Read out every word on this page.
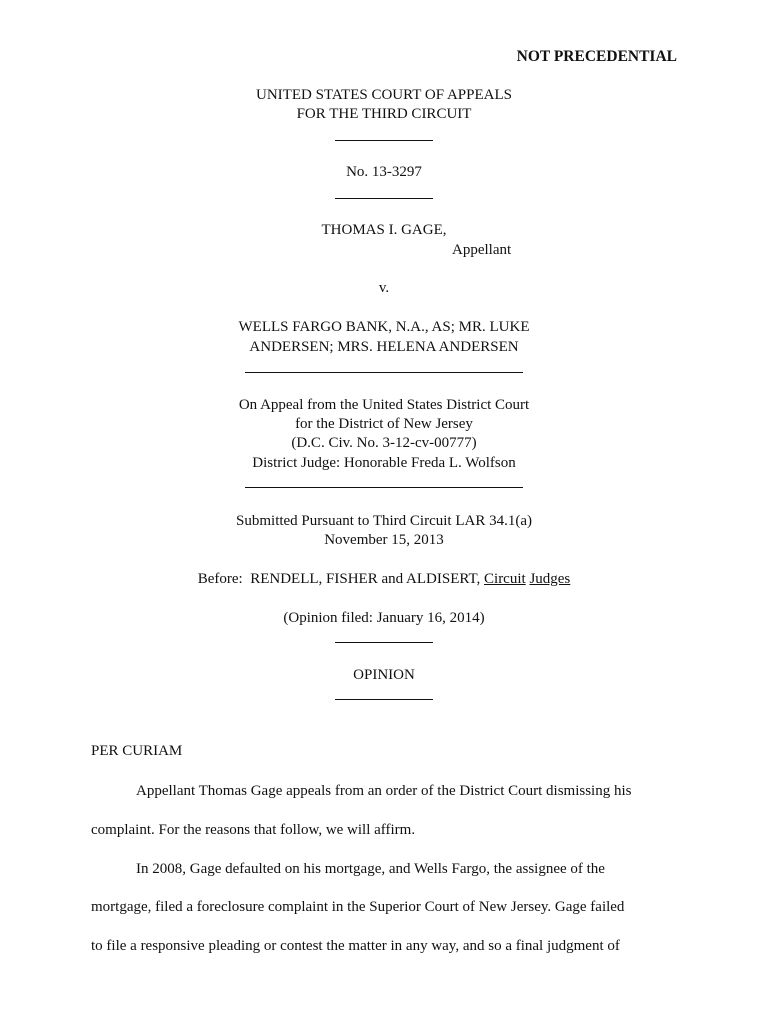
NOT PRECEDENTIAL
UNITED STATES COURT OF APPEALS
FOR THE THIRD CIRCUIT
No. 13-3297
THOMAS I. GAGE,
Appellant
v.
WELLS FARGO BANK, N.A., AS; MR. LUKE
ANDERSEN; MRS. HELENA ANDERSEN
On Appeal from the United States District Court
for the District of New Jersey
(D.C. Civ. No. 3-12-cv-00777)
District Judge: Honorable Freda L. Wolfson
Submitted Pursuant to Third Circuit LAR 34.1(a)
November 15, 2013
Before:  RENDELL, FISHER and ALDISERT, Circuit Judges
(Opinion filed: January 16, 2014)
OPINION
PER CURIAM
Appellant Thomas Gage appeals from an order of the District Court dismissing his
complaint. For the reasons that follow, we will affirm.
In 2008, Gage defaulted on his mortgage, and Wells Fargo, the assignee of the
mortgage, filed a foreclosure complaint in the Superior Court of New Jersey. Gage failed
to file a responsive pleading or contest the matter in any way, and so a final judgment of
